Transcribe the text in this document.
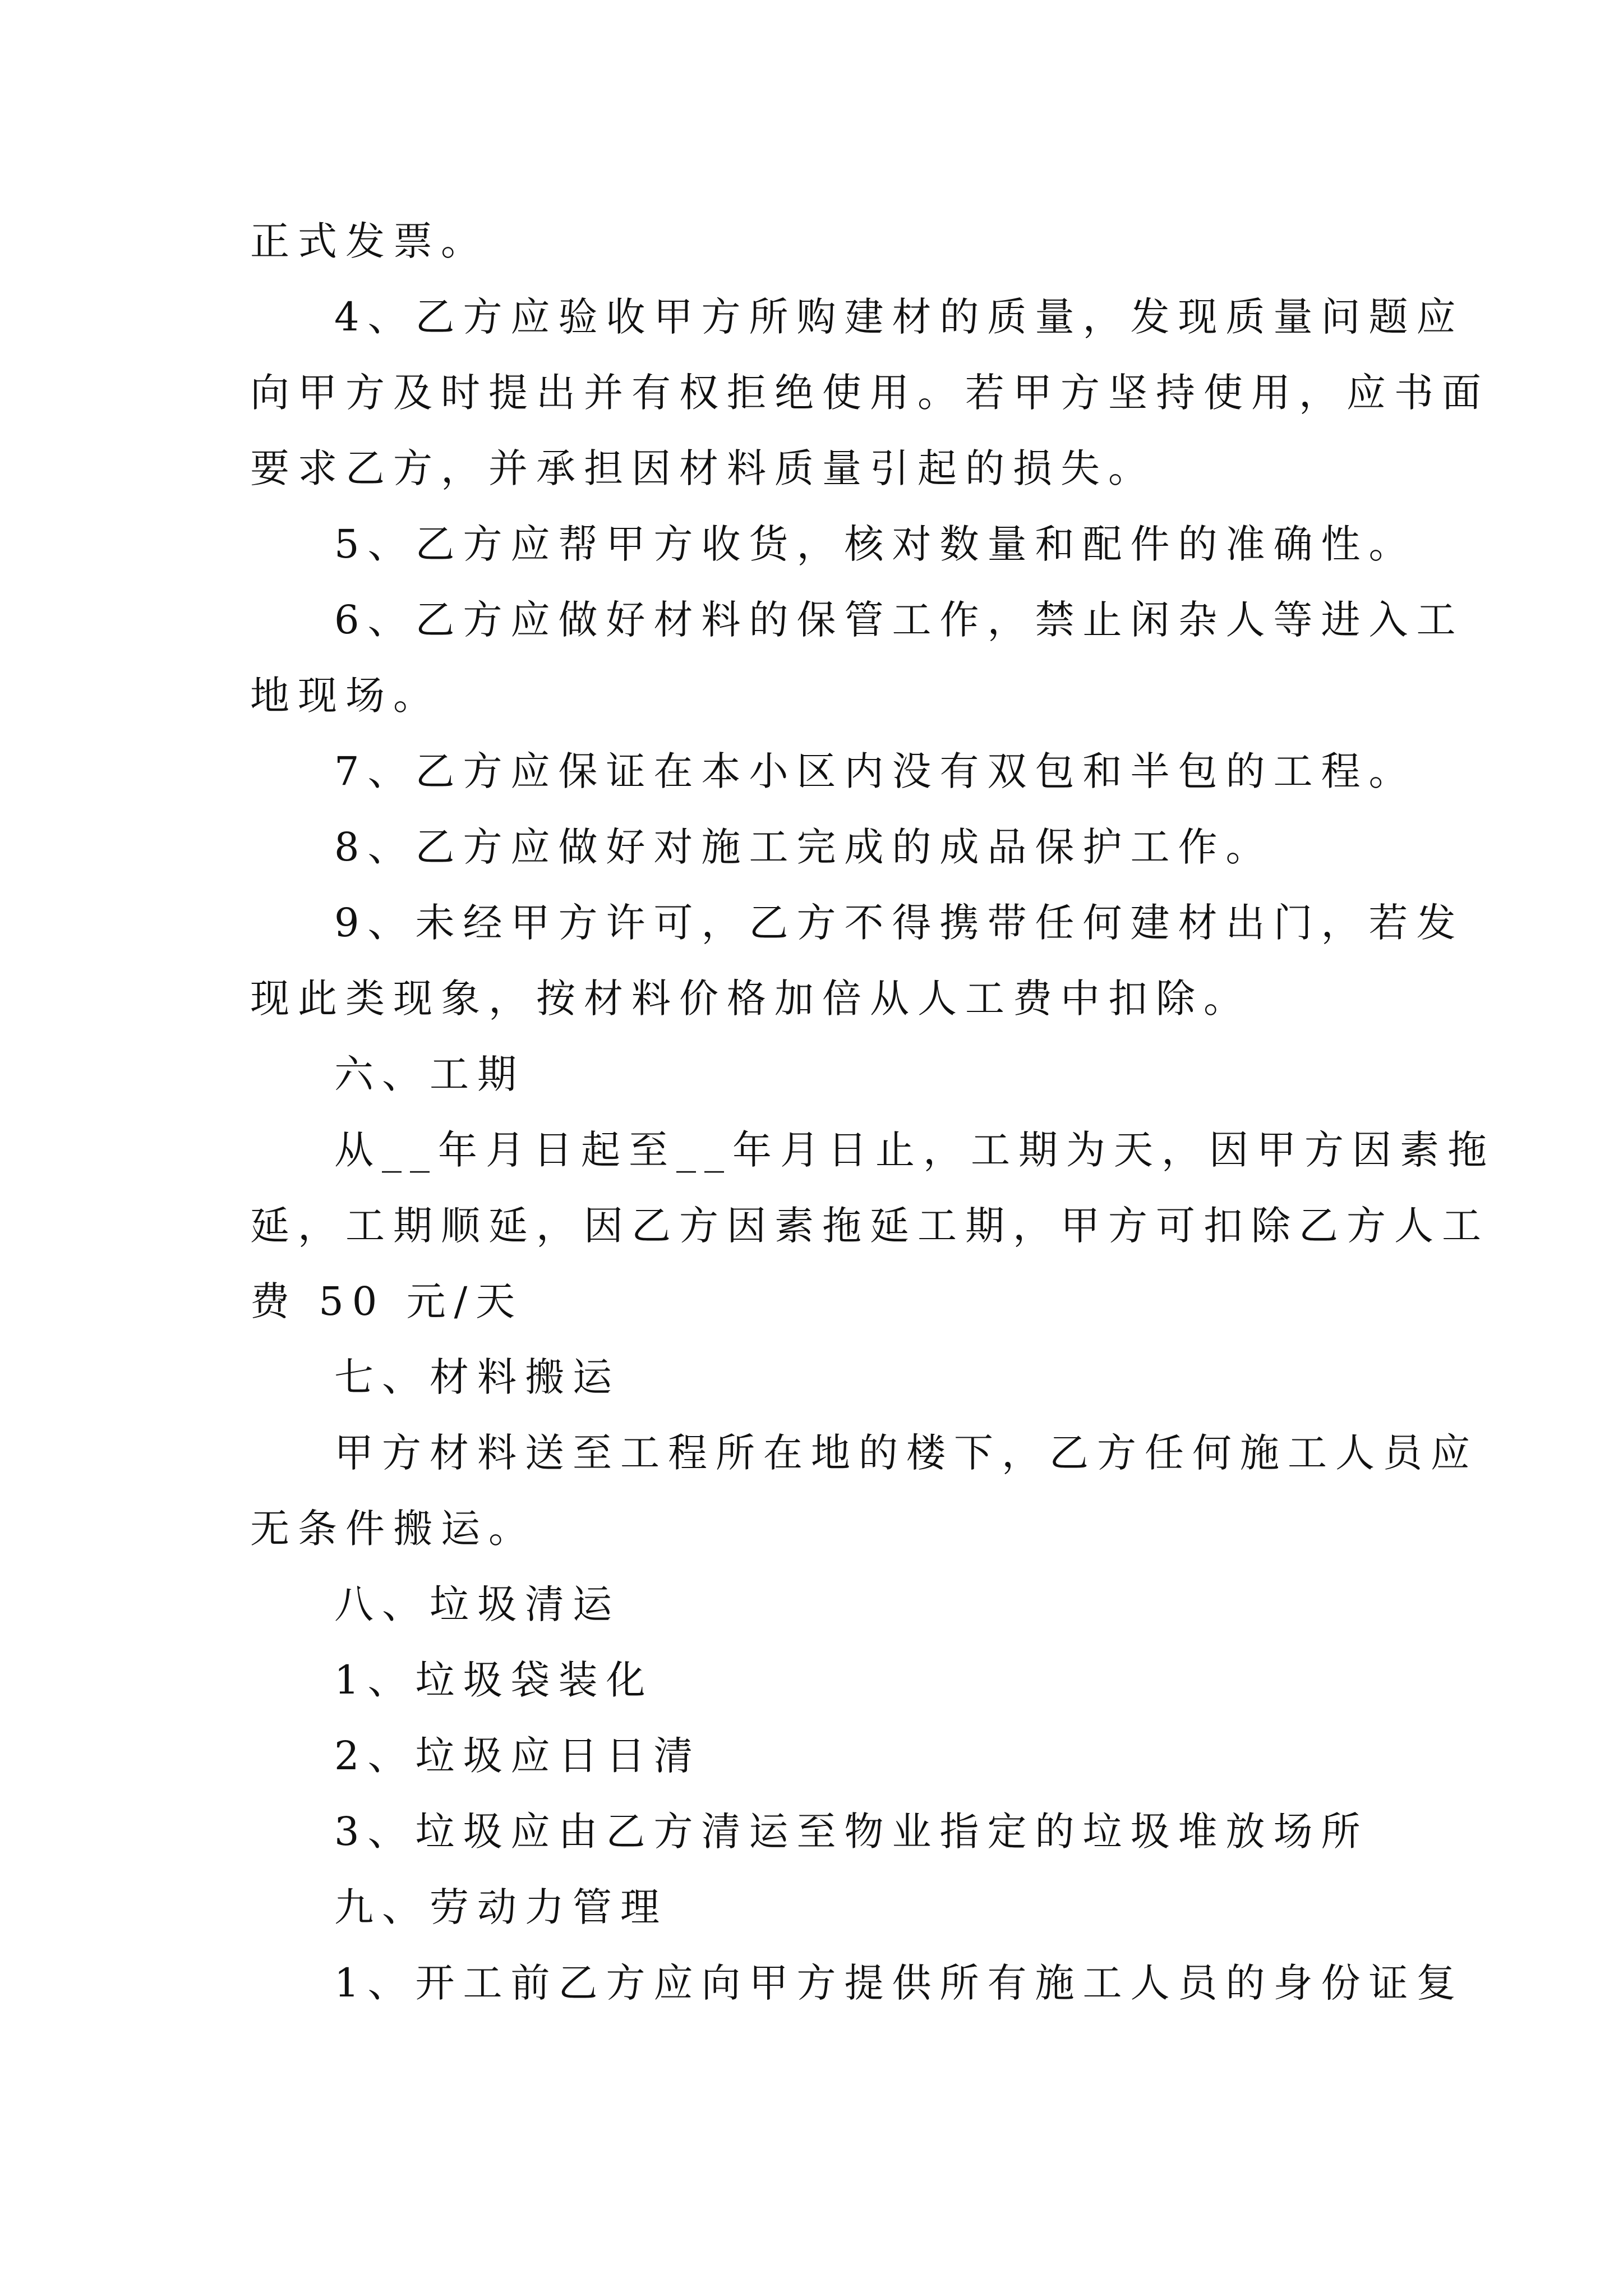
正式发票。

4、乙方应验收甲方所购建材的质量，发现质量问题应

向甲方及时提出并有权拒绝使用。若甲方坚持使用，应书面

要求乙方，并承担因材料质量引起的损失。

5、乙方应帮甲方收货，核对数量和配件的准确性。

6、乙方应做好材料的保管工作，禁止闲杂人等进入工

地现场。

7、乙方应保证在本小区内没有双包和半包的工程。

8、乙方应做好对施工完成的成品保护工作。

9、未经甲方许可，乙方不得携带任何建材出门，若发

现此类现象，按材料价格加倍从人工费中扣除。

六、工期

从__年月日起至__年月日止，工期为天，因甲方因素拖

延，工期顺延，因乙方因素拖延工期，甲方可扣除乙方人工

费 50 元/天

七、材料搬运

甲方材料送至工程所在地的楼下，乙方任何施工人员应

无条件搬运。

八、垃圾清运

1、垃圾袋装化

2、垃圾应日日清

3、垃圾应由乙方清运至物业指定的垃圾堆放场所

九、劳动力管理

1、开工前乙方应向甲方提供所有施工人员的身份证复
